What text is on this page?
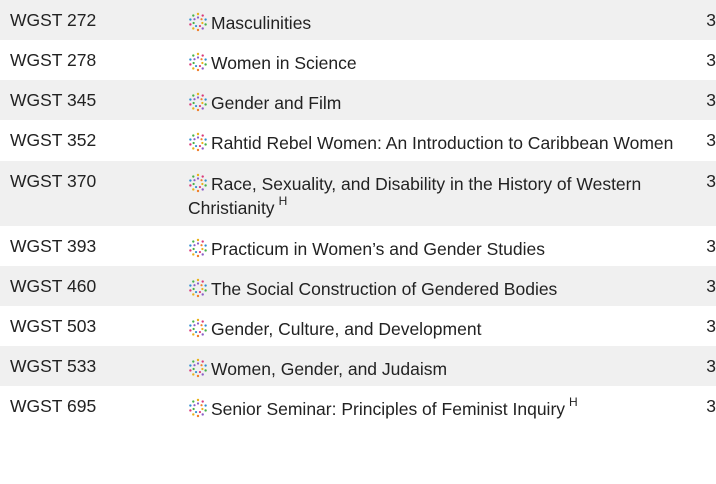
WGST 272	Masculinities	3
WGST 278	Women in Science	3
WGST 345	Gender and Film	3
WGST 352	Rahtid Rebel Women: An Introduction to Caribbean Women	3
WGST 370	Race, Sexuality, and Disability in the History of Western Christianity $^H$	3
WGST 393	Practicum in Women’s and Gender Studies	3
WGST 460	The Social Construction of Gendered Bodies	3
WGST 503	Gender, Culture, and Development	3
WGST 533	Women, Gender, and Judaism	3
WGST 695	Senior Seminar: Principles of Feminist Inquiry $^H$	3
